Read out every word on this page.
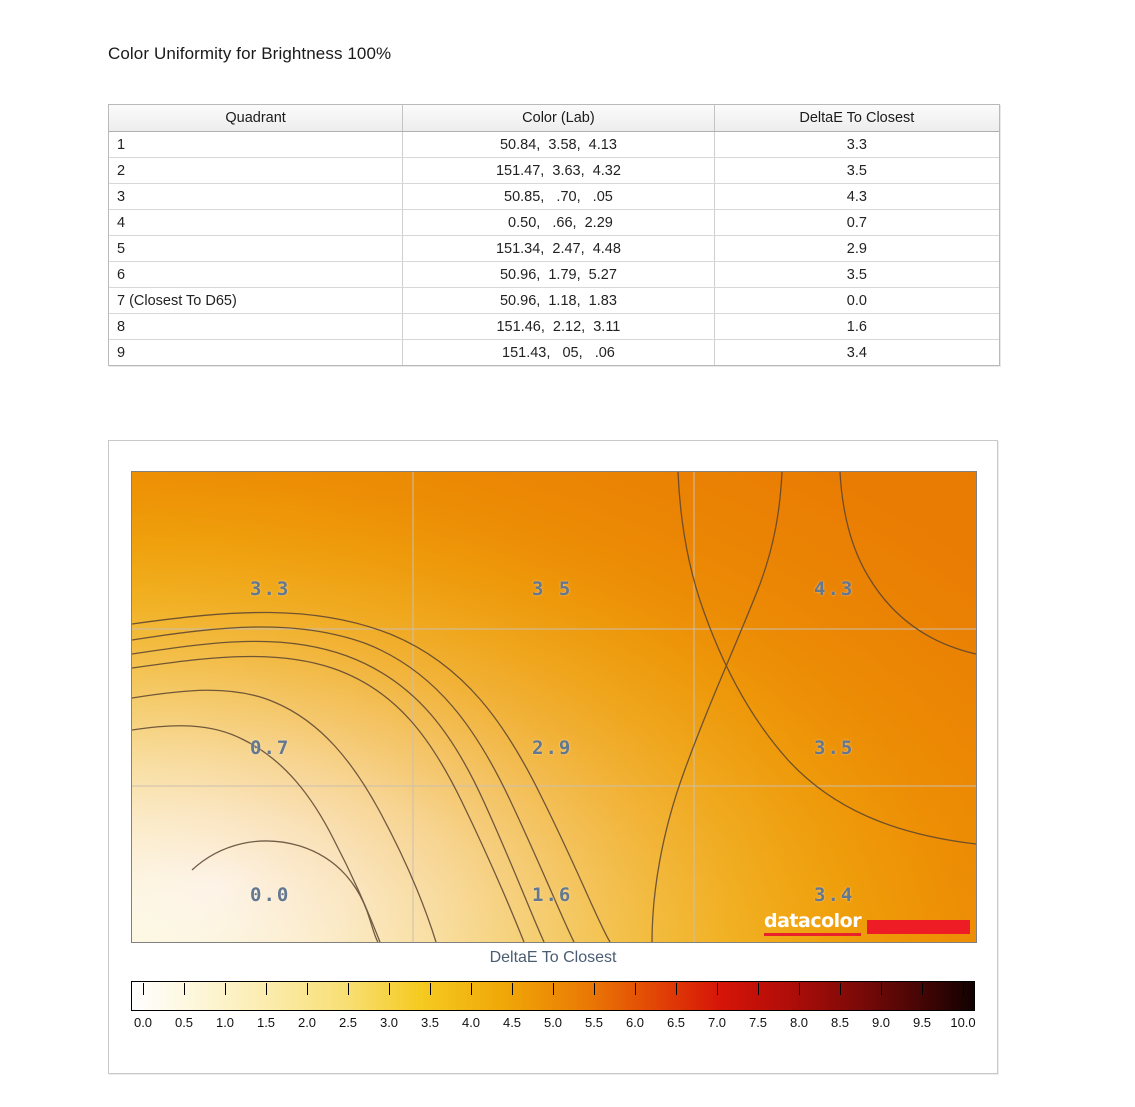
Color Uniformity for Brightness 100%
Quadrant	Color (Lab)	DeltaE To Closest
1	50.84,  3.58,  4.13	3.3
2	151.47,  3.63,  4.32	3.5
3	50.85,   .70,   .05	4.3
4	0.50,   .66,  2.29	0.7
5	151.34,  2.47,  4.48	2.9
6	50.96,  1.79,  5.27	3.5
7 (Closest To D65)	50.96,  1.18,  1.83	0.0
8	151.46,  2.12,  3.11	1.6
9	151.43,   05,   .06	3.4
3.3	3 5	4.3
0.7	2.9	3.5
0.0	1.6	3.4
datacolor
DeltaE To Closest
0.0 0.5 1.0 1.5 2.0 2.5 3.0 3.5 4.0 4.5 5.0 5.5 6.0 6.5 7.0 7.5 8.0 8.5 9.0 9.5 10.0
